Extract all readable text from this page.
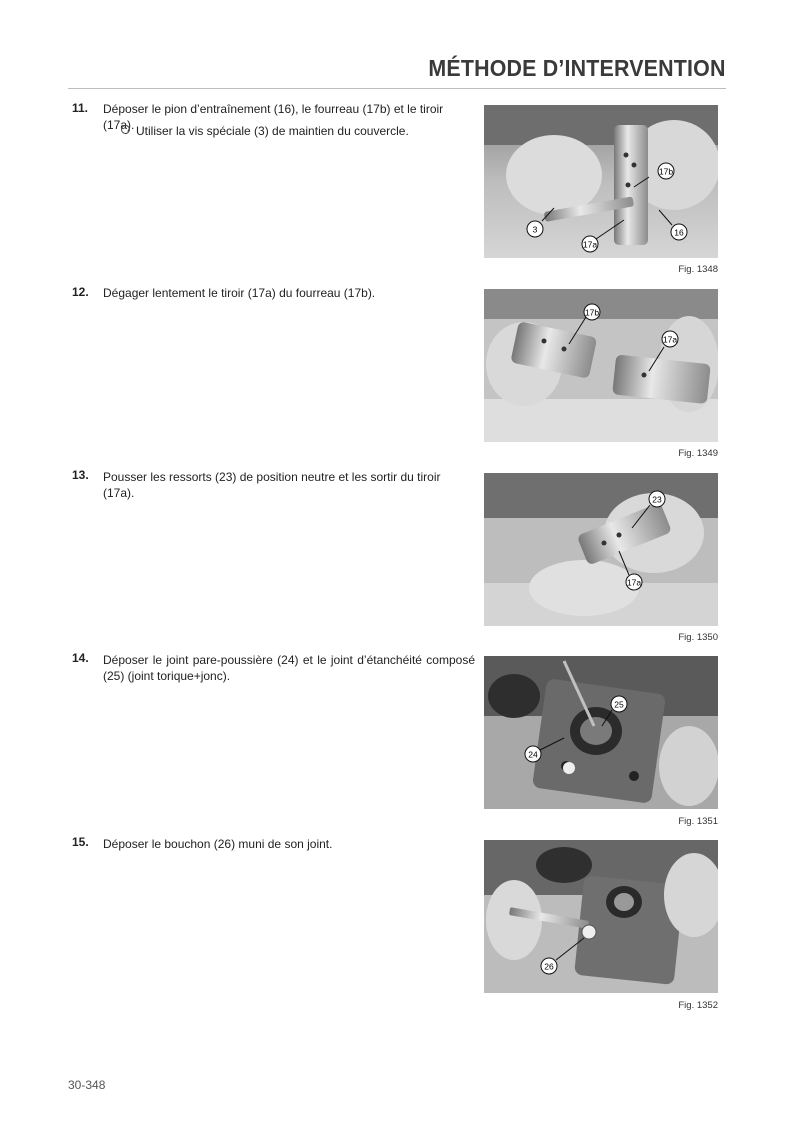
MÉTHODE D’INTERVENTION
11. Déposer le pion d’entraînement (16), le fourreau (17b) et le tiroir (17a). Utiliser la vis spéciale (3) de maintien du couvercle.
17b
3	16
17a
Fig. 1348
12. Dégager lentement le tiroir (17a) du fourreau (17b).
17b
17a
Fig. 1349
13. Pousser les ressorts (23) de position neutre et les sortir du tiroir (17a).	23
17a
Fig. 1350
14. Déposer le joint pare-poussière (24) et le joint d’étanchéité composé (25) (joint torique+jonc).
25
24
Fig. 1351
15. Déposer le bouchon (26) muni de son joint.
26
Fig. 1352
30-348
